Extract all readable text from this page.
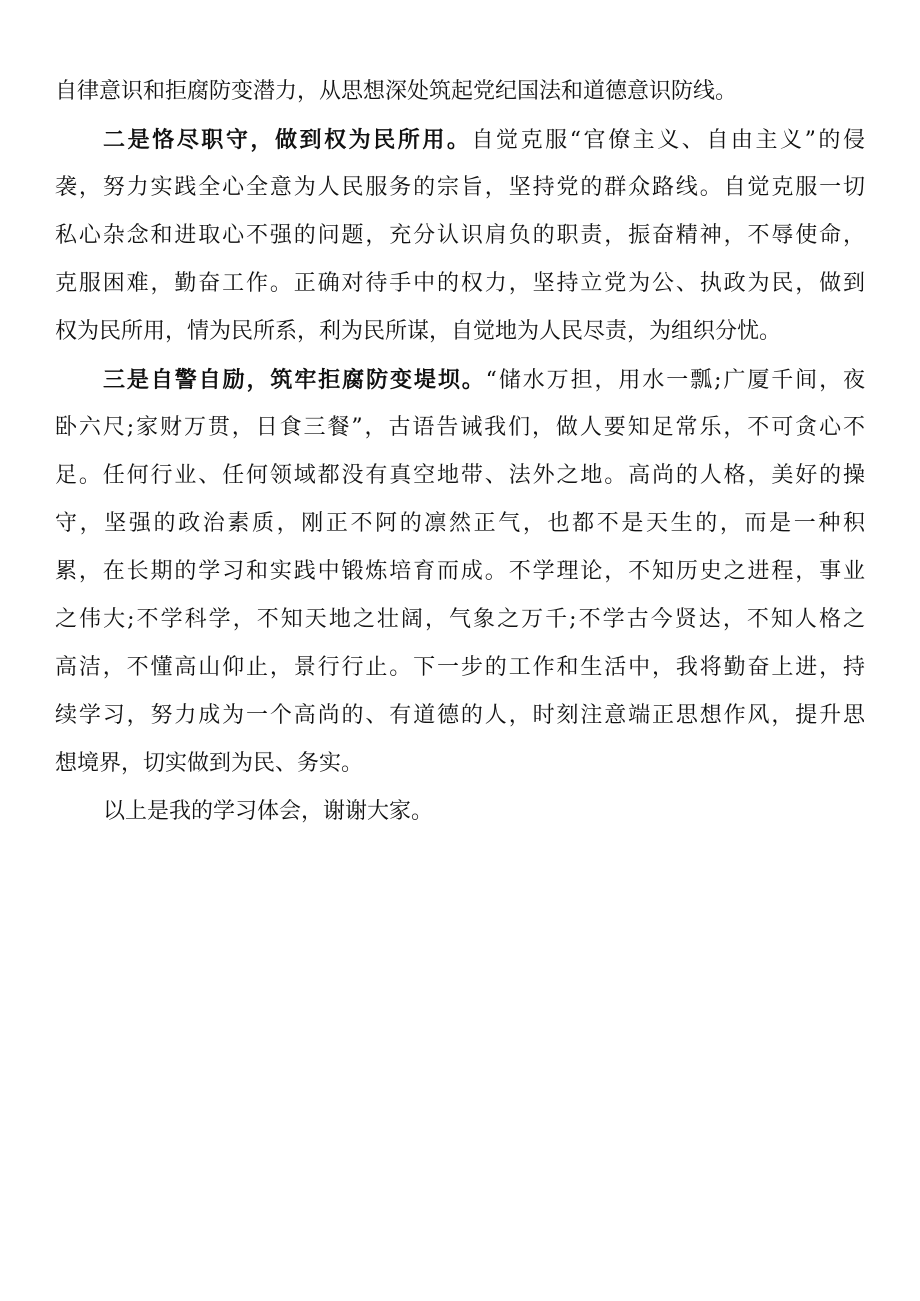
自律意识和拒腐防变潜力，从思想深处筑起党纪国法和道德意识防线。
二是恪尽职守，做到权为民所用。自觉克服“官僚主义、自由主义”的侵
袭，努力实践全心全意为人民服务的宗旨，坚持党的群众路线。自觉克服一切
私心杂念和进取心不强的问题，充分认识肩负的职责，振奋精神，不辱使命，
克服困难，勤奋工作。正确对待手中的权力，坚持立党为公、执政为民，做到
权为民所用，情为民所系，利为民所谋，自觉地为人民尽责，为组织分忧。
三是自警自励，筑牢拒腐防变堤坝。“储水万担，用水一瓢;广厦千间，夜
卧六尺;家财万贯，日食三餐”，古语告诫我们，做人要知足常乐，不可贪心不
足。任何行业、任何领域都没有真空地带、法外之地。高尚的人格，美好的操
守，坚强的政治素质，刚正不阿的凛然正气，也都不是天生的，而是一种积
累，在长期的学习和实践中锻炼培育而成。不学理论，不知历史之进程，事业
之伟大;不学科学，不知天地之壮阔，气象之万千;不学古今贤达，不知人格之
高洁，不懂高山仰止，景行行止。下一步的工作和生活中，我将勤奋上进，持
续学习，努力成为一个高尚的、有道德的人，时刻注意端正思想作风，提升思
想境界，切实做到为民、务实。
以上是我的学习体会，谢谢大家。
